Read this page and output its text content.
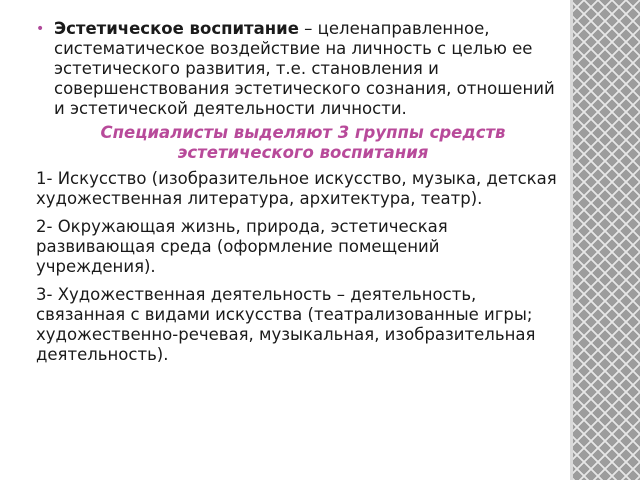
• Эстетическое воспитание – целенаправленное, систематическое воздействие на личность с целью ее эстетического развития, т.е. становления и совершенствования эстетического сознания, отношений и эстетической деятельности личности.

Специалисты выделяют 3 группы средств эстетического воспитания

1- Искусство (изобразительное искусство, музыка, детская художественная литература, архитектура, театр).

2- Окружающая жизнь, природа, эстетическая развивающая среда (оформление помещений учреждения).

3- Художественная деятельность – деятельность, связанная с видами искусства (театрализованные игры; художественно-речевая, музыкальная, изобразительная деятельность).
